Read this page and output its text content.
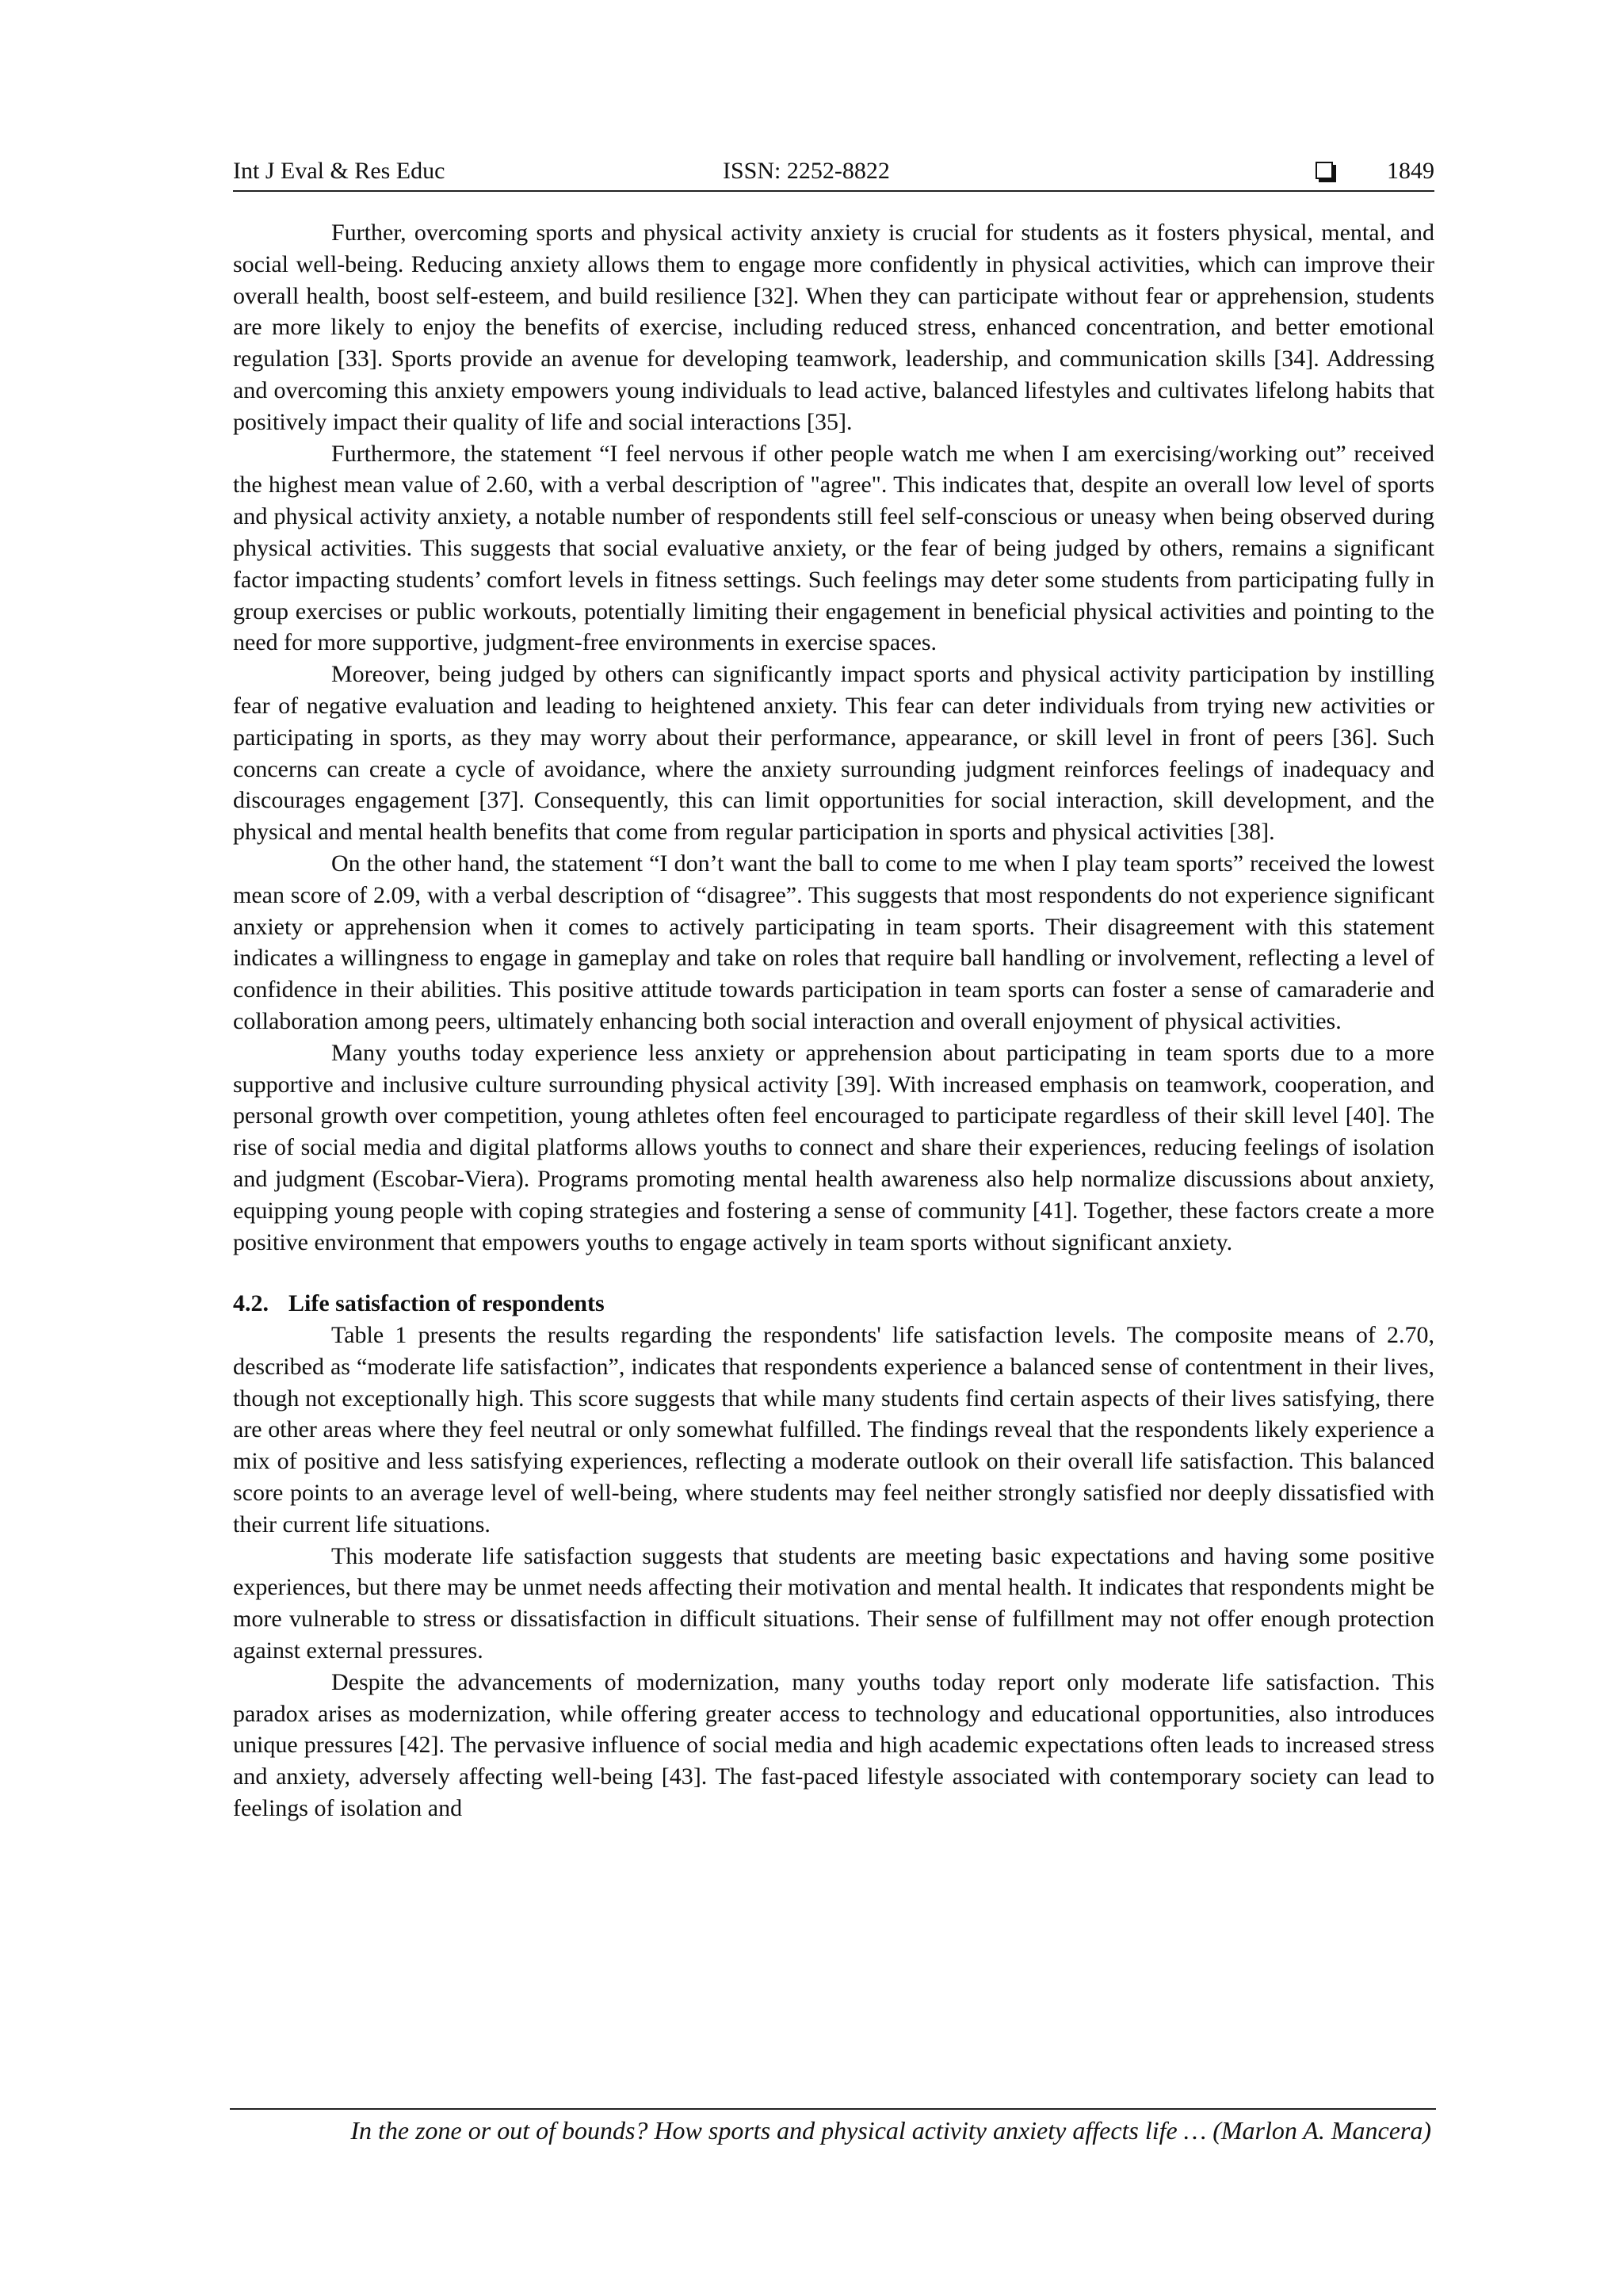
Int J Eval & Res Educ	ISSN: 2252-8822	1849

Further, overcoming sports and physical activity anxiety is crucial for students as it fosters physical, mental, and social well-being. Reducing anxiety allows them to engage more confidently in physical activities, which can improve their overall health, boost self-esteem, and build resilience [32]. When they can participate without fear or apprehension, students are more likely to enjoy the benefits of exercise, including reduced stress, enhanced concentration, and better emotional regulation [33]. Sports provide an avenue for developing teamwork, leadership, and communication skills [34]. Addressing and overcoming this anxiety empowers young individuals to lead active, balanced lifestyles and cultivates lifelong habits that positively impact their quality of life and social interactions [35].

Furthermore, the statement “I feel nervous if other people watch me when I am exercising/working out” received the highest mean value of 2.60, with a verbal description of "agree". This indicates that, despite an overall low level of sports and physical activity anxiety, a notable number of respondents still feel self-conscious or uneasy when being observed during physical activities. This suggests that social evaluative anxiety, or the fear of being judged by others, remains a significant factor impacting students’ comfort levels in fitness settings. Such feelings may deter some students from participating fully in group exercises or public workouts, potentially limiting their engagement in beneficial physical activities and pointing to the need for more supportive, judgment-free environments in exercise spaces.

Moreover, being judged by others can significantly impact sports and physical activity participation by instilling fear of negative evaluation and leading to heightened anxiety. This fear can deter individuals from trying new activities or participating in sports, as they may worry about their performance, appearance, or skill level in front of peers [36]. Such concerns can create a cycle of avoidance, where the anxiety surrounding judgment reinforces feelings of inadequacy and discourages engagement [37]. Consequently, this can limit opportunities for social interaction, skill development, and the physical and mental health benefits that come from regular participation in sports and physical activities [38].

On the other hand, the statement “I don’t want the ball to come to me when I play team sports” received the lowest mean score of 2.09, with a verbal description of “disagree”. This suggests that most respondents do not experience significant anxiety or apprehension when it comes to actively participating in team sports. Their disagreement with this statement indicates a willingness to engage in gameplay and take on roles that require ball handling or involvement, reflecting a level of confidence in their abilities. This positive attitude towards participation in team sports can foster a sense of camaraderie and collaboration among peers, ultimately enhancing both social interaction and overall enjoyment of physical activities.

Many youths today experience less anxiety or apprehension about participating in team sports due to a more supportive and inclusive culture surrounding physical activity [39]. With increased emphasis on teamwork, cooperation, and personal growth over competition, young athletes often feel encouraged to participate regardless of their skill level [40]. The rise of social media and digital platforms allows youths to connect and share their experiences, reducing feelings of isolation and judgment (Escobar-Viera). Programs promoting mental health awareness also help normalize discussions about anxiety, equipping young people with coping strategies and fostering a sense of community [41]. Together, these factors create a more positive environment that empowers youths to engage actively in team sports without significant anxiety.

4.2. Life satisfaction of respondents

Table 1 presents the results regarding the respondents' life satisfaction levels. The composite means of 2.70, described as “moderate life satisfaction”, indicates that respondents experience a balanced sense of contentment in their lives, though not exceptionally high. This score suggests that while many students find certain aspects of their lives satisfying, there are other areas where they feel neutral or only somewhat fulfilled. The findings reveal that the respondents likely experience a mix of positive and less satisfying experiences, reflecting a moderate outlook on their overall life satisfaction. This balanced score points to an average level of well-being, where students may feel neither strongly satisfied nor deeply dissatisfied with their current life situations.

This moderate life satisfaction suggests that students are meeting basic expectations and having some positive experiences, but there may be unmet needs affecting their motivation and mental health. It indicates that respondents might be more vulnerable to stress or dissatisfaction in difficult situations. Their sense of fulfillment may not offer enough protection against external pressures.

Despite the advancements of modernization, many youths today report only moderate life satisfaction. This paradox arises as modernization, while offering greater access to technology and educational opportunities, also introduces unique pressures [42]. The pervasive influence of social media and high academic expectations often leads to increased stress and anxiety, adversely affecting well-being [43]. The fast-paced lifestyle associated with contemporary society can lead to feelings of isolation and

In the zone or out of bounds? How sports and physical activity anxiety affects life … (Marlon A. Mancera)
